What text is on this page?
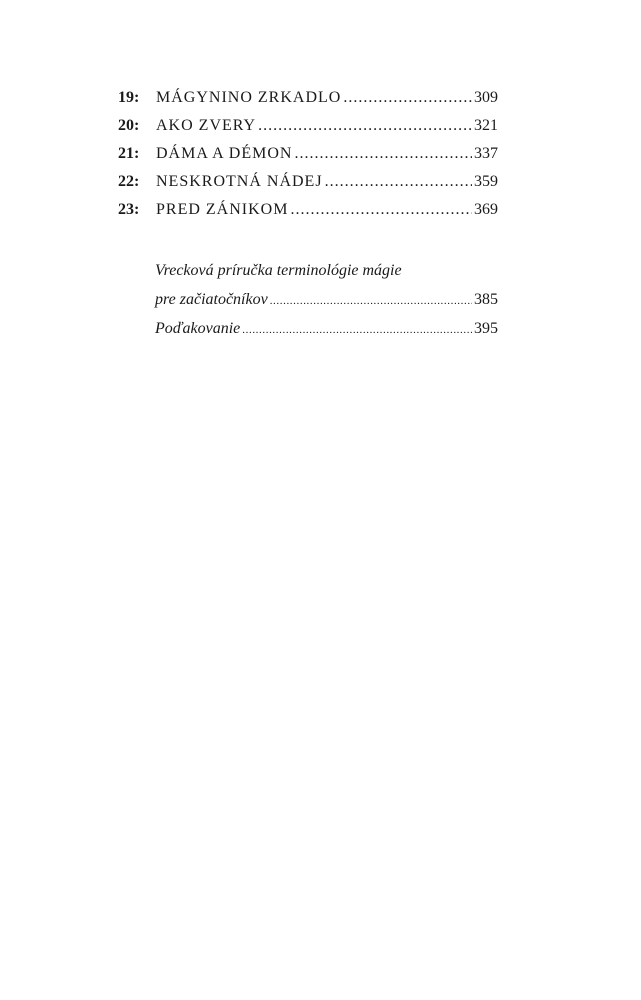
19:	MÁGYNINO ZRKADLO .....	309
20:	AKO ZVERY .....	321
21:	DÁMA A DÉMON .....	337
22:	NESKROTNÁ NÁDEJ .....	359
23:	PRED ZÁNIKOM .....	369
Vrecková príručka terminológie mágie
pre začiatočníkov .....	385
Poďakovanie .....	395
